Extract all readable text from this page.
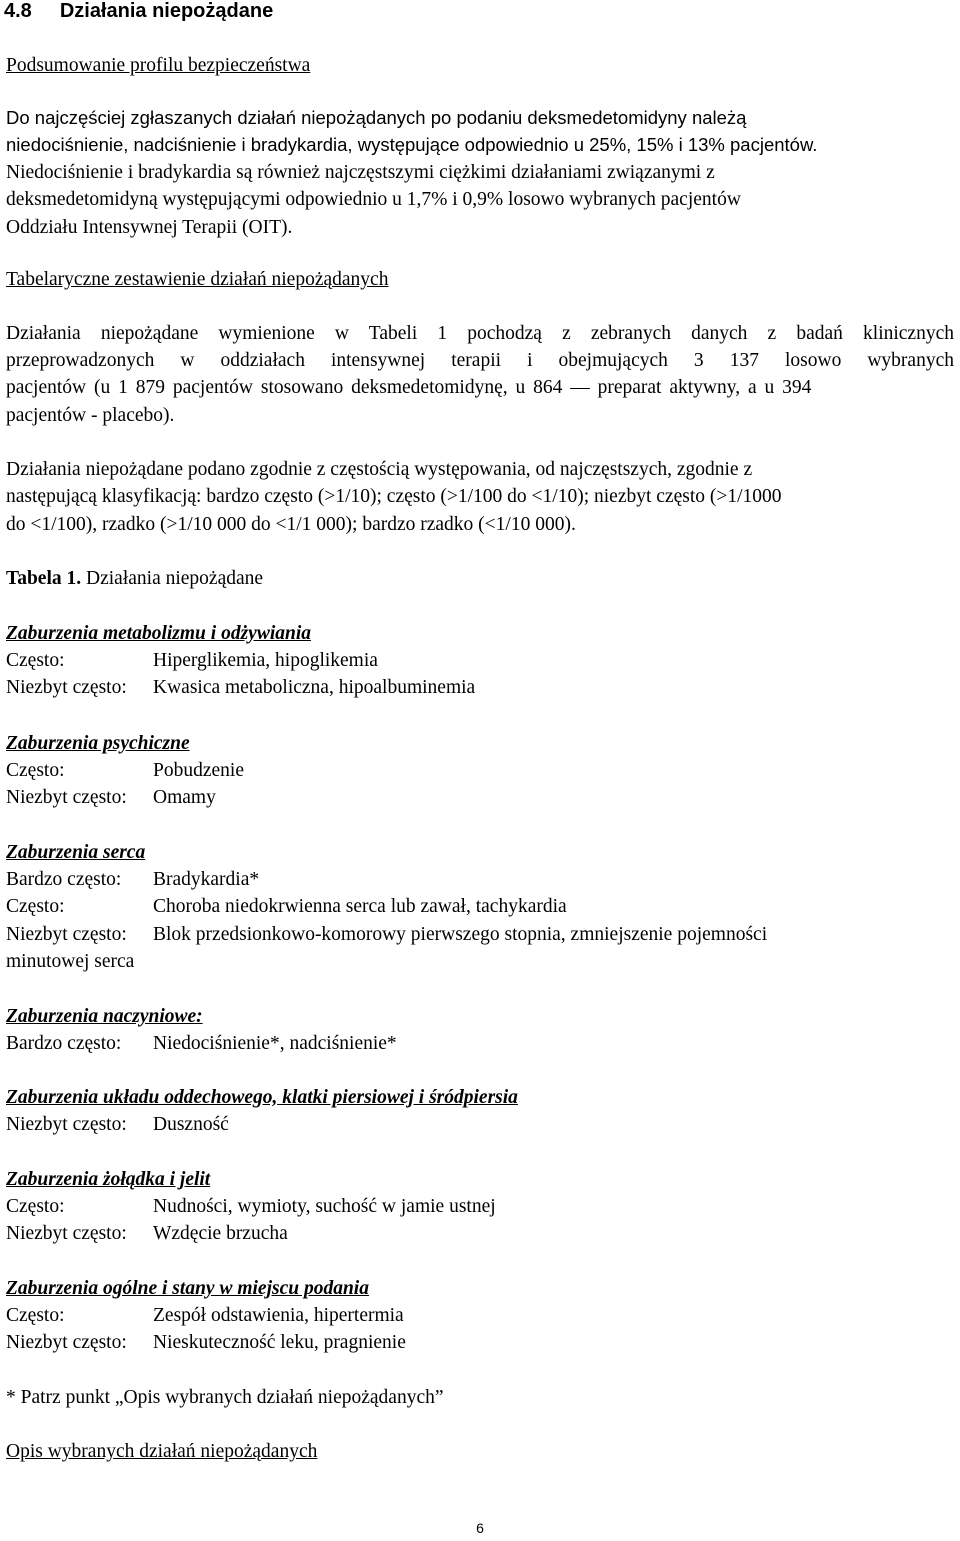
4.8 Działania niepożądane
Podsumowanie profilu bezpieczeństwa
Do najczęściej zgłaszanych działań niepożądanych po podaniu deksmedetomidyny należą
niedociśnienie, nadciśnienie i bradykardia, występujące odpowiednio u 25%, 15% i 13% pacjentów.
Niedociśnienie i bradykardia są również najczęstszymi ciężkimi działaniami związanymi z
deksmedetomidyną występującymi odpowiednio u 1,7% i 0,9% losowo wybranych pacjentów
Oddziału Intensywnej Terapii (OIT).
Tabelaryczne zestawienie działań niepożądanych
Działania niepożądane wymienione w Tabeli 1 pochodzą z zebranych danych z badań klinicznych
przeprowadzonych w oddziałach intensywnej terapii i obejmujących 3 137 losowo wybranych
pacjentów (u 1 879 pacjentów stosowano deksmedetomidynę, u 864 — preparat aktywny, a u 394
pacjentów - placebo).
Działania niepożądane podano zgodnie z częstością występowania, od najczęstszych, zgodnie z
następującą klasyfikacją: bardzo często (>1/10); często (>1/100 do <1/10); niezbyt często (>1/1000
do <1/100), rzadko (>1/10 000 do <1/1 000); bardzo rzadko (<1/10 000).
Tabela 1. Działania niepożądane
Zaburzenia metabolizmu i odżywiania
Często:	Hiperglikemia, hipoglikemia
Niezbyt często: Kwasica metaboliczna, hipoalbuminemia
Zaburzenia psychiczne
Często:	Pobudzenie
Niezbyt często: Omamy
Zaburzenia serca
Bardzo często: Bradykardia*
Często:	Choroba niedokrwienna serca lub zawał, tachykardia
Niezbyt często: Blok przedsionkowo-komorowy pierwszego stopnia, zmniejszenie pojemności
minutowej serca
Zaburzenia naczyniowe:
Bardzo często: Niedociśnienie*, nadciśnienie*
Zaburzenia układu oddechowego, klatki piersiowej i śródpiersia
Niezbyt często: Duszność
Zaburzenia żołądka i jelit
Często:	Nudności, wymioty, suchość w jamie ustnej
Niezbyt często: Wzdęcie brzucha
Zaburzenia ogólne i stany w miejscu podania
Często:	Zespół odstawienia, hipertermia
Niezbyt często: Nieskuteczność leku, pragnienie
* Patrz punkt „Opis wybranych działań niepożądanych”
Opis wybranych działań niepożądanych
6
